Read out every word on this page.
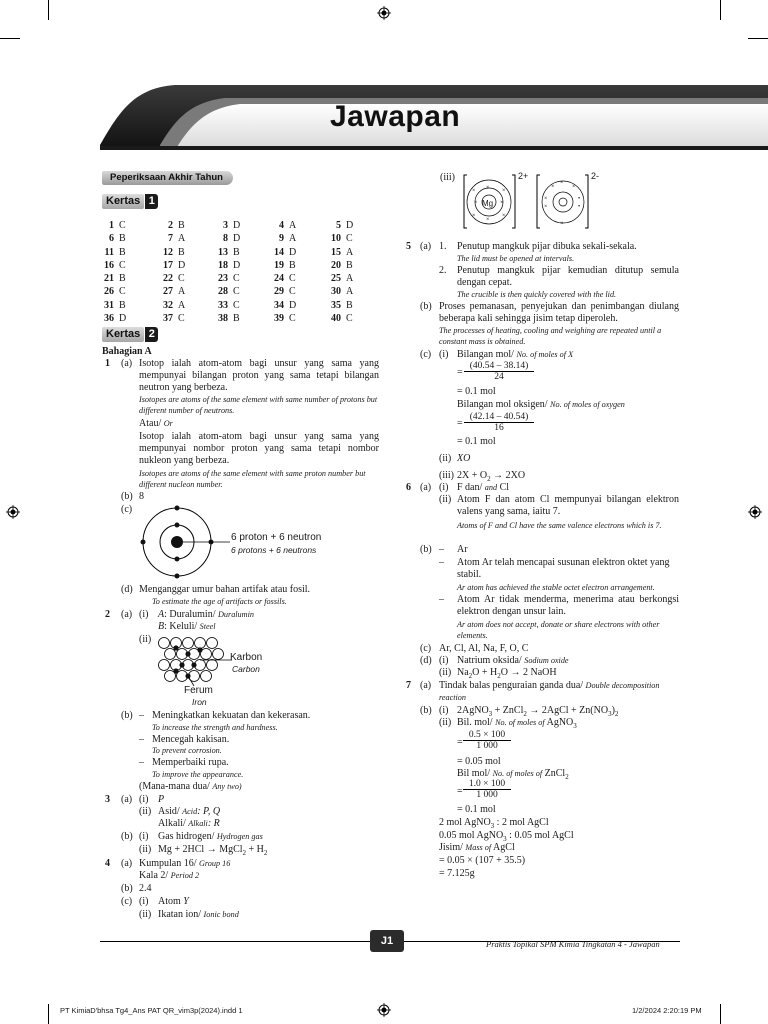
Jawapan
Peperiksaan Akhir Tahun
Kertas 1
1	C	2	B	3	D	4	A	5	D
6	B	7	A	8	D	9	A	10	C
11	B	12	B	13	B	14	D	15	A
16	C	17	D	18	D	19	B	20	B
21	B	22	C	23	C	24	C	25	A
26	C	27	A	28	C	29	C	30	A
31	B	32	A	33	C	34	D	35	B
36	D	37	C	38	B	39	C	40	C
Kertas 2
Bahagian A
1 (a) Isotop ialah atom-atom bagi unsur yang sama yang mempunyai bilangan proton yang sama tetapi bilangan neutron yang berbeza.
Isotopes are atoms of the same element with same number of protons but different number of neutrons.
Atau/ Or
Isotop ialah atom-atom bagi unsur yang sama yang mempunyai nombor proton yang sama tetapi nombor nukleon yang berbeza.
Isotopes are atoms of the same element with same proton number but different nucleon number.
(b) 8
(c)
6 proton + 6 neutron
6 protons + 6 neutrons
(d) Menganggar umur bahan artifak atau fosil.
To estimate the age of artifacts or fossils.
2 (a) (i) A: Duralumin/ Duralumin
B: Keluli/ Steel
(ii)
Karbon
Carbon
Ferum
Iron
(b) – Meningkatkan kekuatan dan kekerasan.
To increase the strength and hardness.
– Mencegah kakisan.
To prevent corrosion.
– Memperbaiki rupa.
To improve the appearance.
(Mana-mana dua/ Any two)
3 (a) (i) P
(ii) Asid/ Acid: P, Q
Alkali/ Alkali: R
(b) (i) Gas hidrogen/ Hydrogen gas
(ii) Mg + 2HCl → MgCl$_2$ + $H_2$
4 (a) Kumpulan 16/ Group 16
Kala 2/ Period 2
(b) 2.4
(c) (i) Atom Y
(ii) Ikatan ion/ Ionic bond
(iii)
×	×
×	×
×
×
×	×
×
×
×
×
•
•
×	×
Mg
2+	2-
5 (a) 1. Penutup mangkuk pijar dibuka sekali-sekala.
The lid must be opened at intervals.
2. Penutup mangkuk pijar kemudian ditutup semula dengan cepat.
The crucible is then quickly covered with the lid.
(b) Proses pemanasan, penyejukan dan penimbangan diulang beberapa kali sehingga jisim tetap diperoleh.
The processes of heating, cooling and weighing are repeated until a constant mass is obtained.
(c) (i) Bilangan mol/ No. of moles of X
= $\frac{(40.54 - 38.14)}{24}$
= 0.1 mol
Bilangan mol oksigen/ No. of moles of oxygen
= $\frac{(42.14 - 40.54)}{16}$
= 0.1 mol
(ii) XO
(iii) $2X + O_2 \to 2XO$
6 (a) (i) F dan/ and Cl
(ii) Atom F dan atom Cl mempunyai bilangan elektron valens yang sama, iaitu 7.
Atoms of F and Cl have the same valence electrons which is 7.
(b) – Ar
– Atom Ar telah mencapai susunan elektron oktet yang stabil.
Ar atom has achieved the stable octet electron arrangement.
– Atom Ar tidak menderma, menerima atau berkongsi elektron dengan unsur lain.
Ar atom does not accept, donate or share electrons with other elements.
(c) Ar, Cl, Al, Na, F, O, C
(d) (i) Natrium oksida/ Sodium oxide
(ii) $Na_2O + H_2O \to 2$ NaOH
7 (a) Tindak balas penguraian ganda dua/ Double decomposition reaction
(b) (i) 2AgNO$_3$ + ZnCl$_2$ → 2AgCl + $Zn(NO_3)_2$
(ii) Bil. mol/ No. of moles of AgNO$_3$
= $\frac{0.5 \times 100}{1 000}$
= 0.05 mol
Bil mol/ No. of moles of ZnCl$_2$
= $\frac{1.0 \times 100}{1 000}$
= 0.1 mol
2 mol AgNO$_3$ : 2 mol AgCl
0.05 mol AgNO$_3$ : 0.05 mol AgCl
Jisim/ Mass of AgCl
= 0.05 × (107 + 35.5)
= 7.125g
J1	Praktis Topikal SPM Kimia Tingkatan 4 - Jawapan
PT KimiaD'bhsa Tg4_Ans PAT QR_vim3p(2024).indd 1	1/2/2024 2:20:19 PM
